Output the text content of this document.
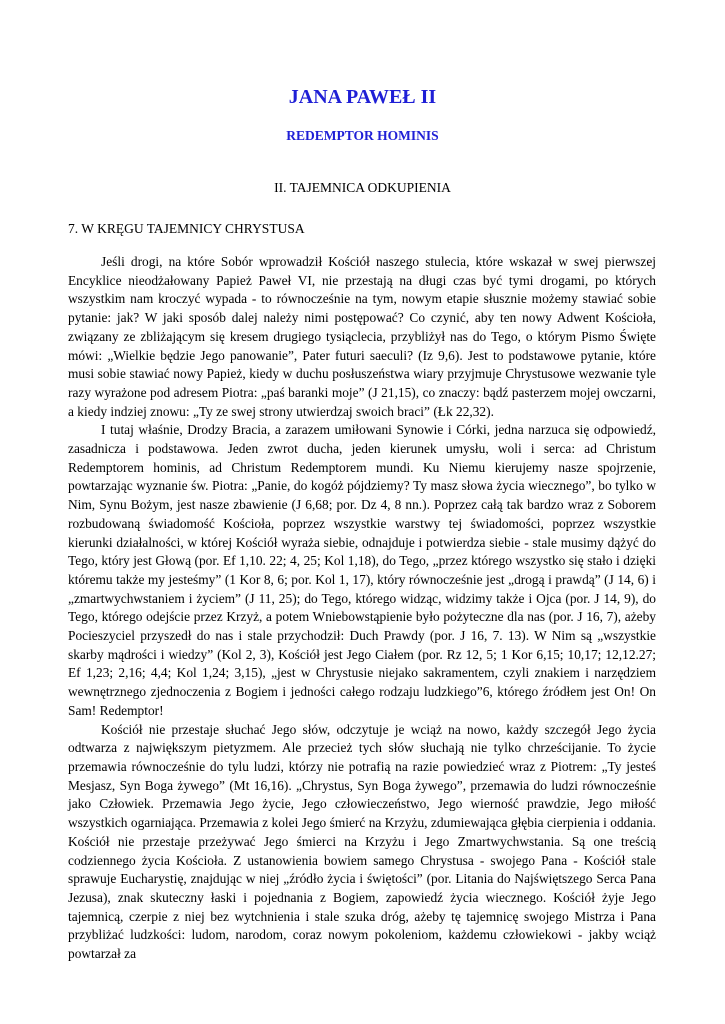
JANA PAWEŁ II
REDEMPTOR HOMINIS
II. TAJEMNICA ODKUPIENIA
7. W KRĘGU TAJEMNICY CHRYSTUSA

Jeśli drogi, na które Sobór wprowadził Kościół naszego stulecia, które wskazał w swej pierwszej Encyklice nieodżałowany Papież Paweł VI, nie przestają na długi czas być tymi drogami, po których wszystkim nam kroczyć wypada - to równocześnie na tym, nowym etapie słusznie możemy stawiać sobie pytanie: jak? W jaki sposób dalej należy nimi postępować? Co czynić, aby ten nowy Adwent Kościoła, związany ze zbliżającym się kresem drugiego tysiąclecia, przybliżył nas do Tego, o którym Pismo Święte mówi: „Wielkie będzie Jego panowanie”, Pater futuri saeculi? (Iz 9,6). Jest to podstawowe pytanie, które musi sobie stawiać nowy Papież, kiedy w duchu posłuszeństwa wiary przyjmuje Chrystusowe wezwanie tyle razy wyrażone pod adresem Piotra: „paś baranki moje” (J 21,15), co znaczy: bądź pasterzem mojej owczarni, a kiedy indziej znowu: „Ty ze swej strony utwierdzaj swoich braci” (Łk 22,32).

I tutaj właśnie, Drodzy Bracia, a zarazem umiłowani Synowie i Córki, jedna narzuca się odpowiedź, zasadnicza i podstawowa. Jeden zwrot ducha, jeden kierunek umysłu, woli i serca: ad Christum Redemptorem hominis, ad Christum Redemptorem mundi. Ku Niemu kierujemy nasze spojrzenie, powtarzając wyznanie św. Piotra: „Panie, do kogóż pójdziemy? Ty masz słowa życia wiecznego”, bo tylko w Nim, Synu Bożym, jest nasze zbawienie (J 6,68; por. Dz 4, 8 nn.). Poprzez całą tak bardzo wraz z Soborem rozbudowaną świadomość Kościoła, poprzez wszystkie warstwy tej świadomości, poprzez wszystkie kierunki działalności, w której Kościół wyraża siebie, odnajduje i potwierdza siebie - stale musimy dążyć do Tego, który jest Głową (por. Ef 1,10. 22; 4, 25; Kol 1,18), do Tego, „przez którego wszystko się stało i dzięki któremu także my jesteśmy” (1 Kor 8, 6; por. Kol 1, 17), który równocześnie jest „drogą i prawdą” (J 14, 6) i „zmartwychwstaniem i życiem” (J 11, 25); do Tego, którego widząc, widzimy także i Ojca (por. J 14, 9), do Tego, którego odejście przez Krzyż, a potem Wniebowstąpienie było pożyteczne dla nas (por. J 16, 7), ażeby Pocieszyciel przyszedł do nas i stale przychodził: Duch Prawdy (por. J 16, 7. 13). W Nim są „wszystkie skarby mądrości i wiedzy” (Kol 2, 3), Kościół jest Jego Ciałem (por. Rz 12, 5; 1 Kor 6,15; 10,17; 12,12.27; Ef 1,23; 2,16; 4,4; Kol 1,24; 3,15), „jest w Chrystusie niejako sakramentem, czyli znakiem i narzędziem wewnętrznego zjednoczenia z Bogiem i jedności całego rodzaju ludzkiego”6, którego źródłem jest On! On Sam! Redemptor!

Kościół nie przestaje słuchać Jego słów, odczytuje je wciąż na nowo, każdy szczegół Jego życia odtwarza z największym pietyzmem. Ale przecież tych słów słuchają nie tylko chrześcijanie. To życie przemawia równocześnie do tylu ludzi, którzy nie potrafią na razie powiedzieć wraz z Piotrem: „Ty jesteś Mesjasz, Syn Boga żywego” (Mt 16,16). „Chrystus, Syn Boga żywego”, przemawia do ludzi równocześnie jako Człowiek. Przemawia Jego życie, Jego człowieczeństwo, Jego wierność prawdzie, Jego miłość wszystkich ogarniająca. Przemawia z kolei Jego śmierć na Krzyżu, zdumiewająca głębia cierpienia i oddania. Kościół nie przestaje przeżywać Jego śmierci na Krzyżu i Jego Zmartwychwstania. Są one treścią codziennego życia Kościoła. Z ustanowienia bowiem samego Chrystusa - swojego Pana - Kościół stale sprawuje Eucharystię, znajdując w niej „źródło życia i świętości” (por. Litania do Najświętszego Serca Pana Jezusa), znak skuteczny łaski i pojednania z Bogiem, zapowiedź życia wiecznego. Kościół żyje Jego tajemnicą, czerpie z niej bez wytchnienia i stale szuka dróg, ażeby tę tajemnicę swojego Mistrza i Pana przybliżać ludzkości: ludom, narodom, coraz nowym pokoleniom, każdemu człowiekowi - jakby wciąż powtarzał za
